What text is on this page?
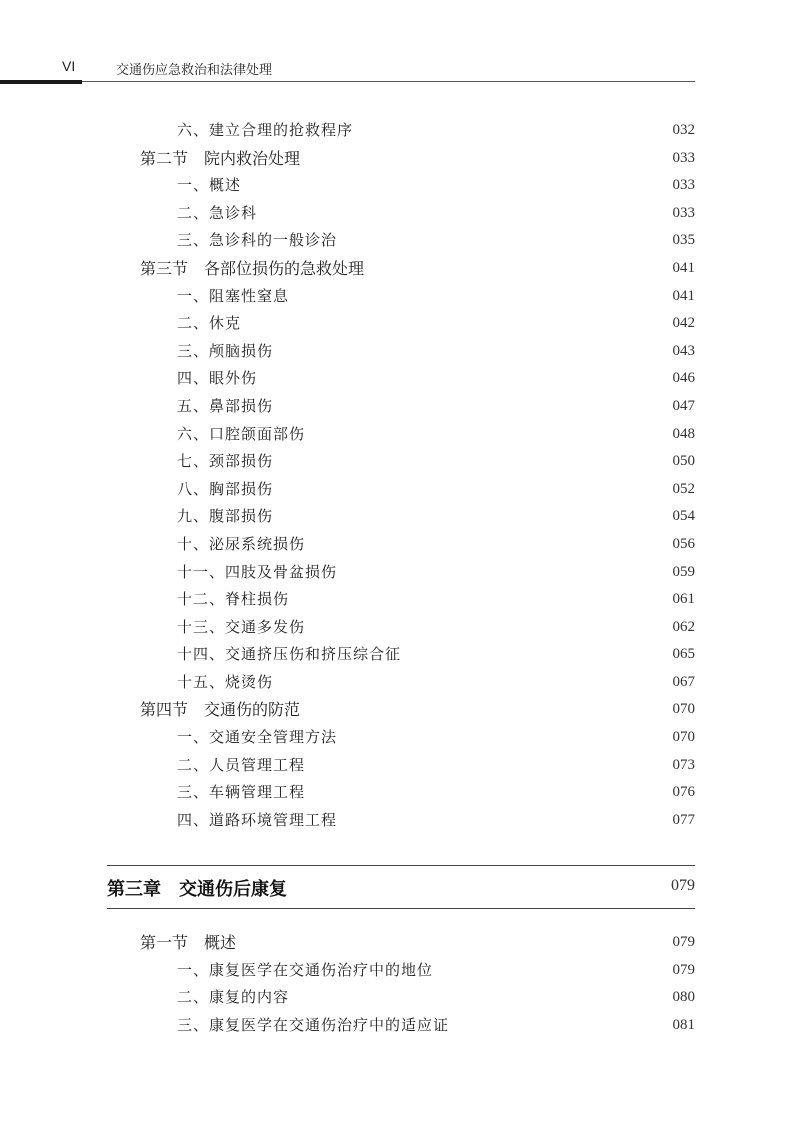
VI	交通伤应急救治和法律处理
六、建立合理的抢救程序	032
第二节　院内救治处理	033
一、概述	033
二、急诊科	033
三、急诊科的一般诊治	035
第三节　各部位损伤的急救处理	041
一、阻塞性窒息	041
二、休克	042
三、颅脑损伤	043
四、眼外伤	046
五、鼻部损伤	047
六、口腔颌面部伤	048
七、颈部损伤	050
八、胸部损伤	052
九、腹部损伤	054
十、泌尿系统损伤	056
十一、四肢及骨盆损伤	059
十二、脊柱损伤	061
十三、交通多发伤	062
十四、交通挤压伤和挤压综合征	065
十五、烧烫伤	067
第四节　交通伤的防范	070
一、交通安全管理方法	070
二、人员管理工程	073
三、车辆管理工程	076
四、道路环境管理工程	077
第三章　交通伤后康复	079
第一节　概述	079
一、康复医学在交通伤治疗中的地位	079
二、康复的内容	080
三、康复医学在交通伤治疗中的适应证	081
